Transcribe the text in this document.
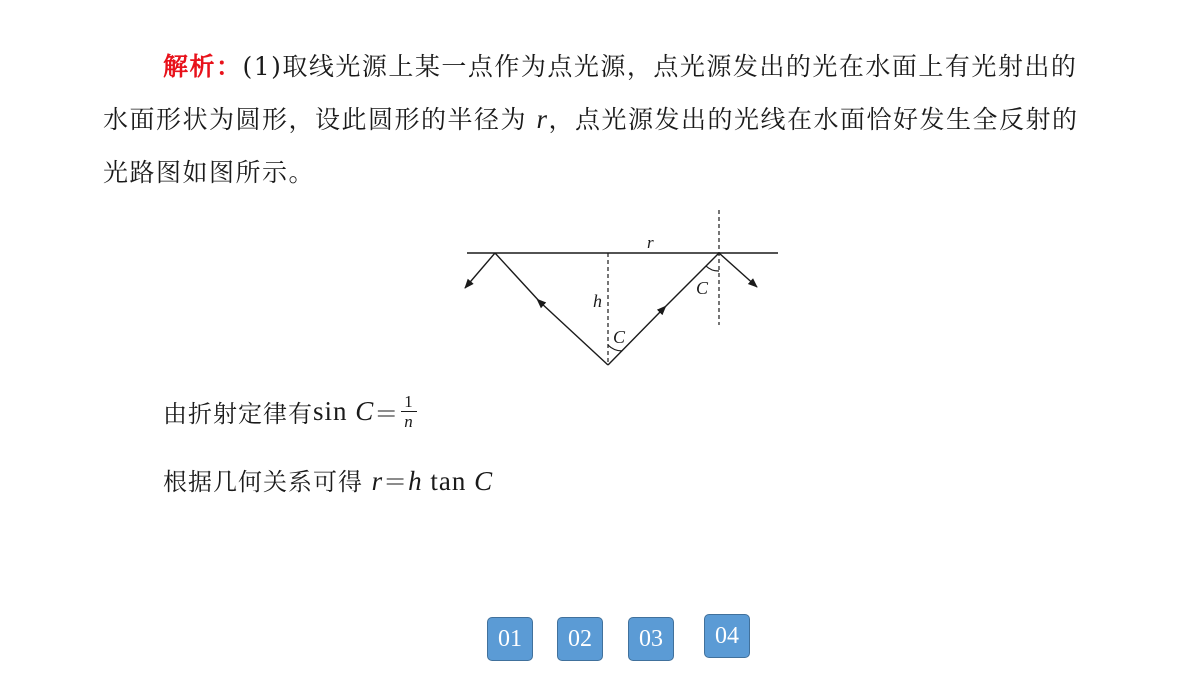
解析：(1)取线光源上某一点作为点光源，点光源发出的光在水面上有光射出的水面形状为圆形，设此圆形的半径为 r，点光源发出的光线在水面恰好发生全反射的光路图如图所示。
r
h
C
C
由折射定律有 $\sin C = \frac{1}{n}$
根据几何关系可得 r＝h tan C
01	02	03	04
